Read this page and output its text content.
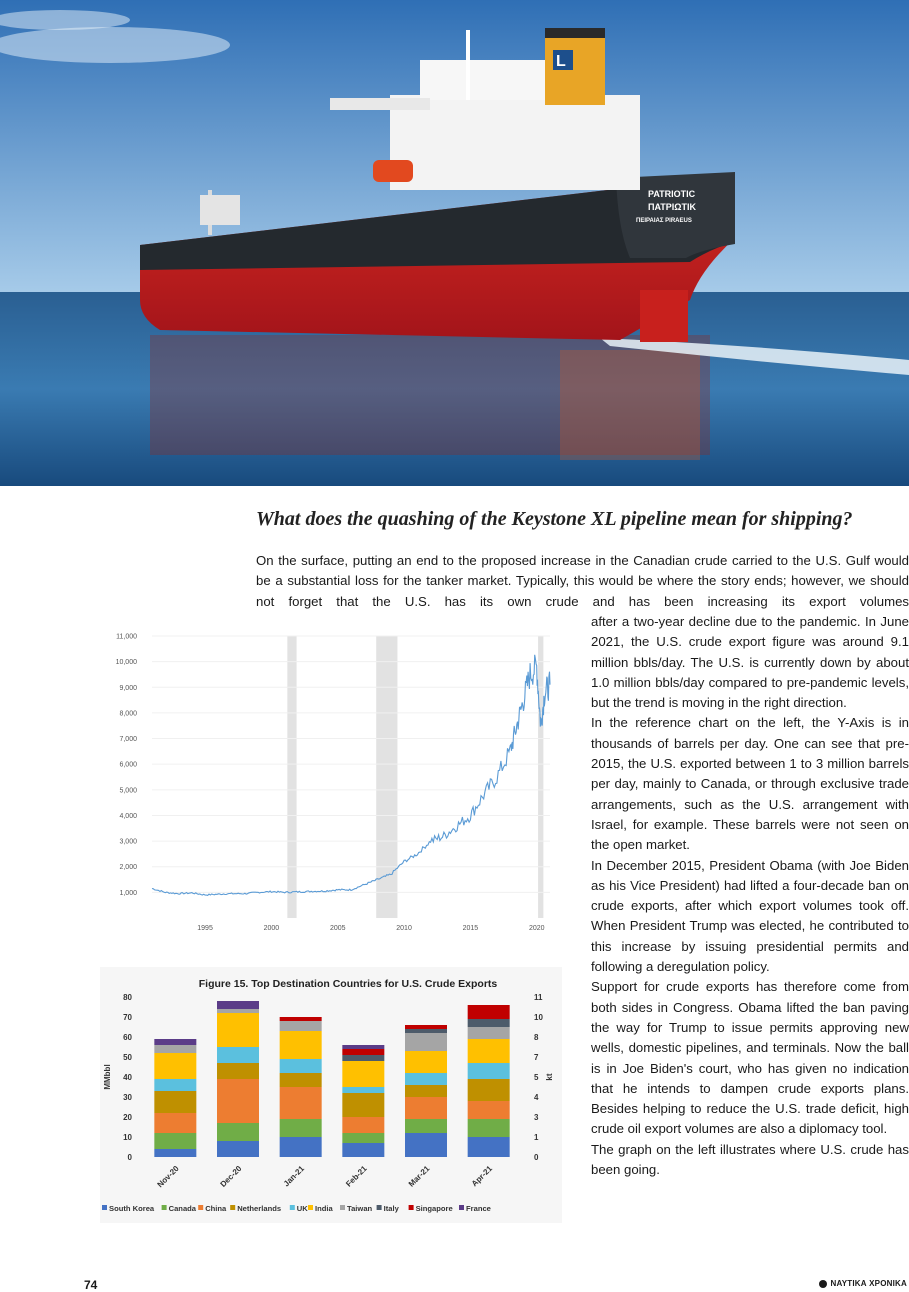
L
PATRIOTIC
ΠΑΤΡΙΩΤΙΚ
ΠΕΙΡΑΙΑΣ PIRAEUS
What does the quashing of the Keystone XL pipeline mean for shipping?

On the surface, putting an end to the proposed increase in the Canadian crude carried to the U.S. Gulf would be a substantial loss for the tanker market. Typically, this would be where the story ends; however, we should not forget that the U.S. has its own crude and has been increasing its export volumes

after a two-year decline due to the pandemic. In June 2021, the U.S. crude export figure was around 9.1 million bbls/day. The U.S. is currently down by about 1.0 million bbls/day compared to pre-pandemic levels, but the trend is moving in the right direction.

In the reference chart on the left, the Y-Axis is in thousands of barrels per day. One can see that pre-2015, the U.S. exported between 1 to 3 million barrels per day, mainly to Canada, or through exclusive trade arrangements, such as the U.S. arrangement with Israel, for example. These barrels were not seen on the open market.

In December 2015, President Obama (with Joe Biden as his Vice President) had lifted a four-decade ban on crude exports, after which export volumes took off. When President Trump was elected, he contributed to this increase by issuing presidential permits and following a deregulation policy.

Support for crude exports has therefore come from both sides in Congress. Obama lifted the ban paving the way for Trump to issue permits approving new wells, domestic pipelines, and terminals. Now the ball is in Joe Biden's court, who has given no indication that he intends to dampen crude exports plans. Besides helping to reduce the U.S. trade deficit, high crude oil export volumes are also a diplomacy tool.

The graph on the left illustrates where U.S. crude has been going.

1,000
2,000
3,000
4,000
5,000
6,000
7,000
8,000
9,000
10,000
11,000
1995	2000	2005	2010	2015	2020
Figure 15. Top Destination Countries for U.S. Crude Exports
0
10
20
30
40
50
60
70
80
0
1
3
4
5
7
8
10
11
MMbbl	kt
Nov-20	Dec-20	Jan-21	Feb-21	Mar-21	Apr-21
South Korea Canada China Netherlands UK India Taiwan Italy Singapore France
74	ΝΑΥΤΙΚΑ ΧΡΟΝΙΚΑ
